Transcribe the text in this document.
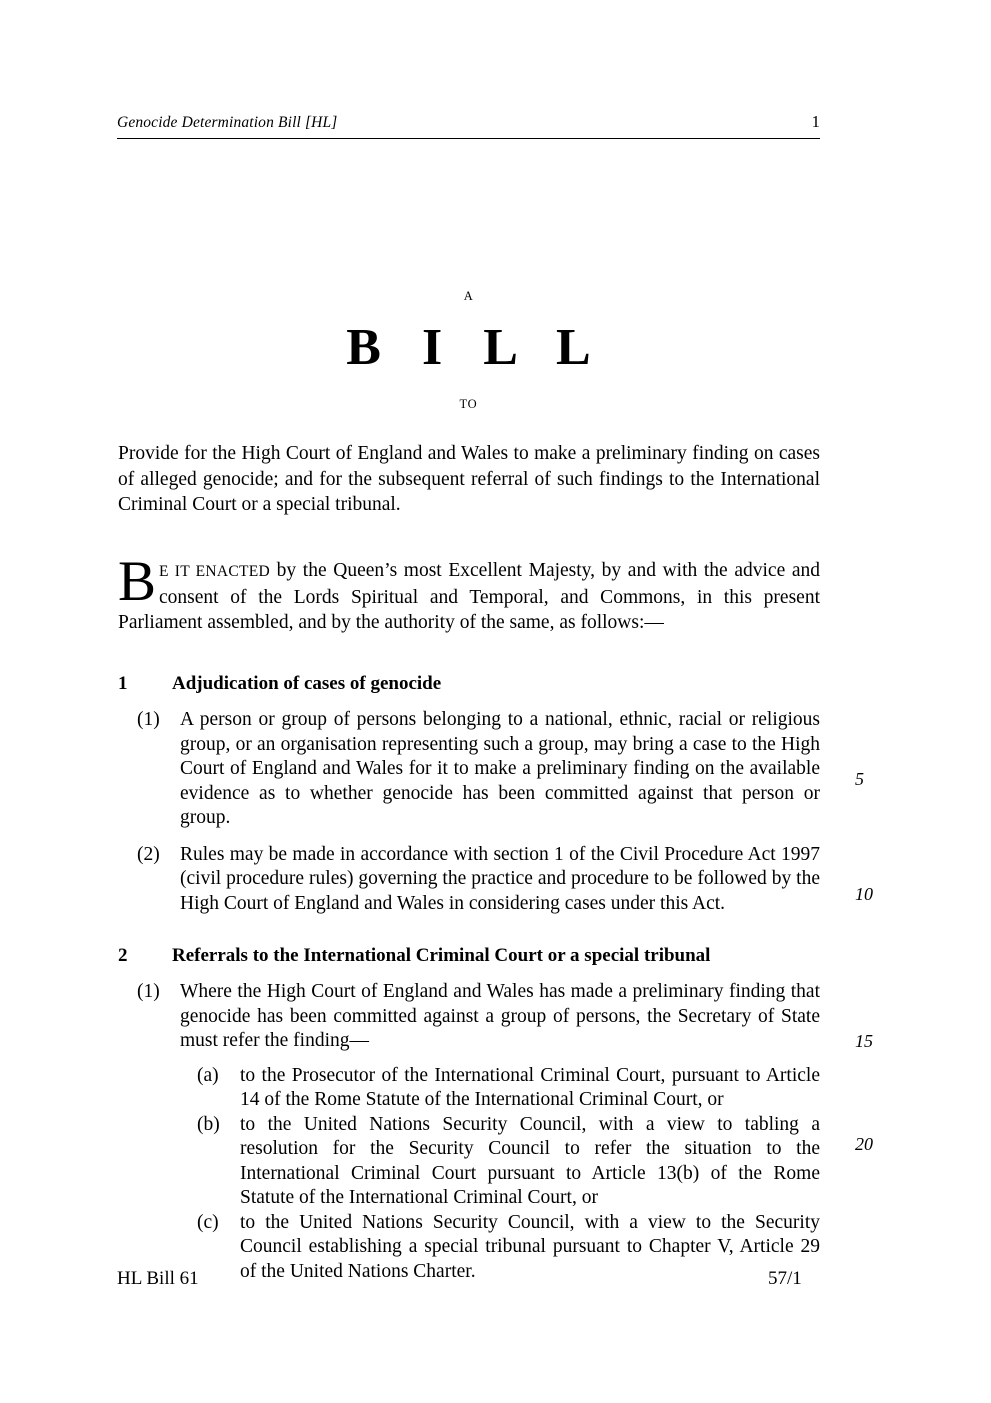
Genocide Determination Bill [HL]	1
A
B I L L
TO
Provide for the High Court of England and Wales to make a preliminary finding on cases of alleged genocide; and for the subsequent referral of such findings to the International Criminal Court or a special tribunal.
B E IT ENACTED by the Queen’s most Excellent Majesty, by and with the advice and consent of the Lords Spiritual and Temporal, and Commons, in this present Parliament assembled, and by the authority of the same, as follows:—
1 Adjudication of cases of genocide
(1) A person or group of persons belonging to a national, ethnic, racial or religious group, or an organisation representing such a group, may bring a case to the High Court of England and Wales for it to make a preliminary finding on the available evidence as to whether genocide has been committed against that person or group.
(2) Rules may be made in accordance with section 1 of the Civil Procedure Act 1997 (civil procedure rules) governing the practice and procedure to be followed by the High Court of England and Wales in considering cases under this Act.
2 Referrals to the International Criminal Court or a special tribunal
(1) Where the High Court of England and Wales has made a preliminary finding that genocide has been committed against a group of persons, the Secretary of State must refer the finding—
(a) to the Prosecutor of the International Criminal Court, pursuant to Article 14 of the Rome Statute of the International Criminal Court, or
(b) to the United Nations Security Council, with a view to tabling a resolution for the Security Council to refer the situation to the International Criminal Court pursuant to Article 13(b) of the Rome Statute of the International Criminal Court, or
(c) to the United Nations Security Council, with a view to the Security Council establishing a special tribunal pursuant to Chapter V, Article 29 of the United Nations Charter.
5
10
15
20
HL Bill 61	57/1
